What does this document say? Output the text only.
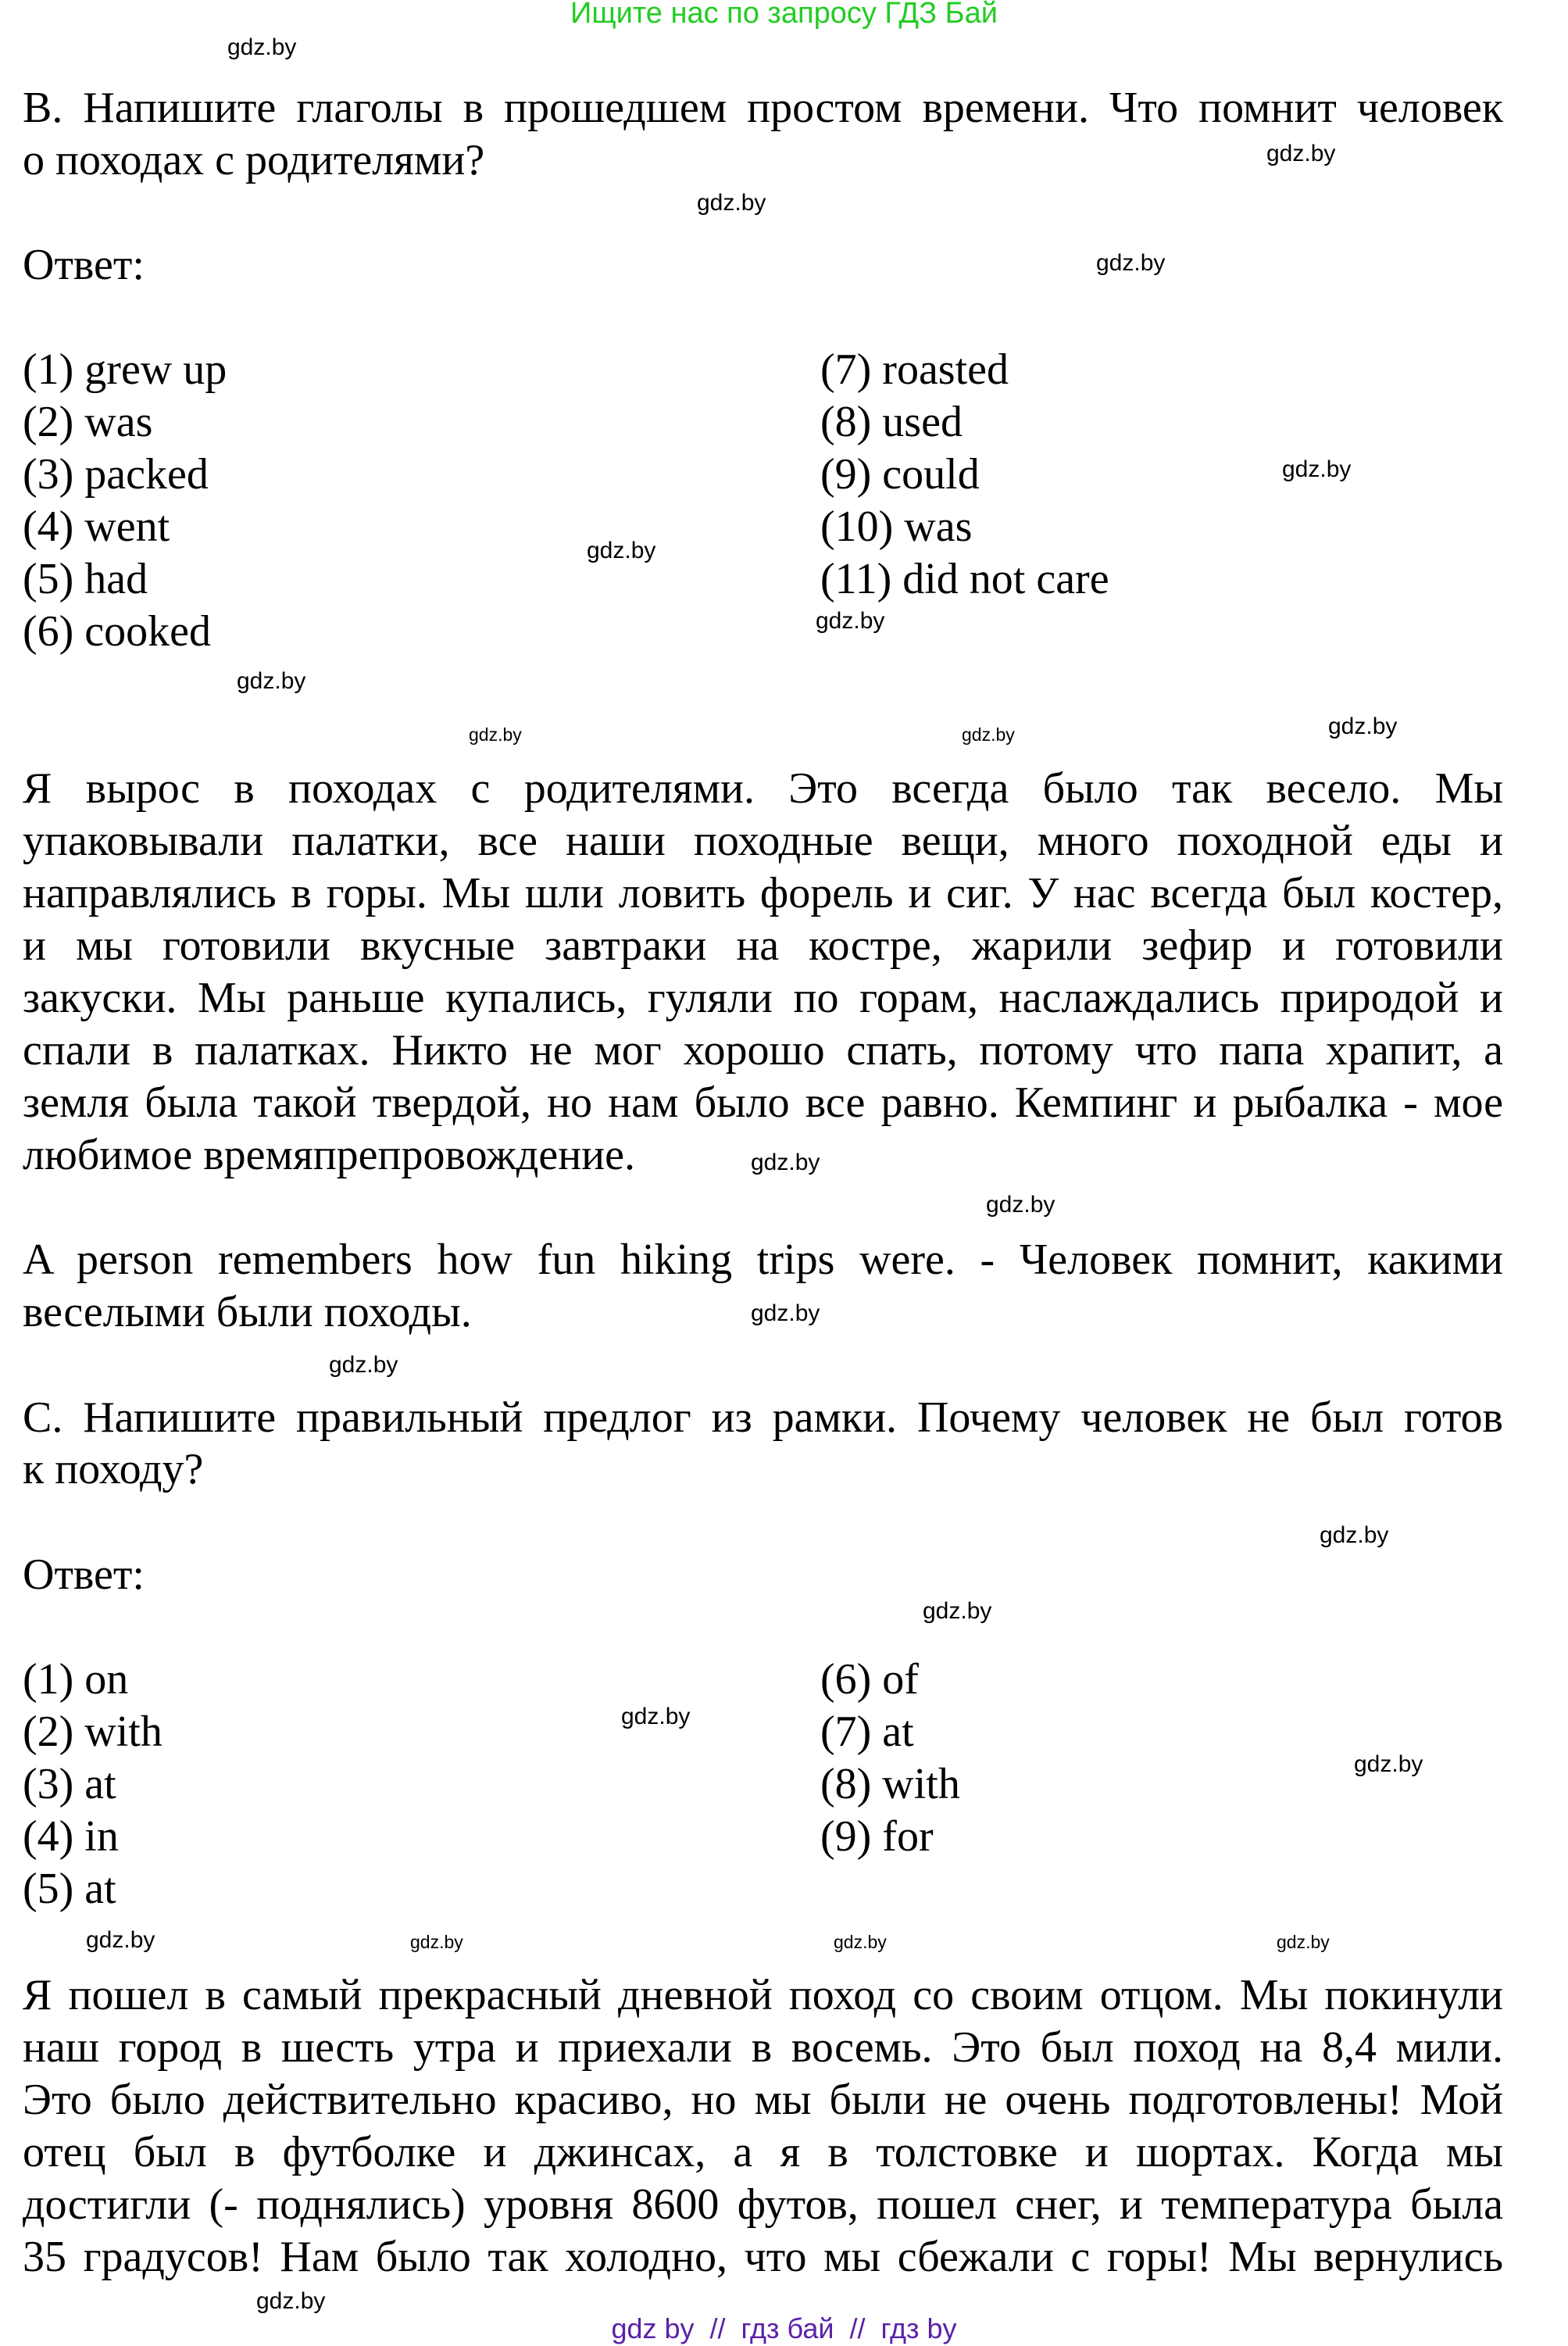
Ищите нас по запросу ГДЗ Бай
B. Напишите глаголы в прошедшем простом времени. Что помнит человек
о походах с родителями?
Ответ:
(1) grew up
(2) was
(3) packed
(4) went
(5) had
(6) cooked
(7) roasted
(8) used
(9) could
(10) was
(11) did not care
Я вырос в походах с родителями. Это всегда было так весело. Мы
упаковывали палатки, все наши походные вещи, много походной еды и
направлялись в горы. Мы шли ловить форель и сиг. У нас всегда был костер,
и мы готовили вкусные завтраки на костре, жарили зефир и готовили
закуски. Мы раньше купались, гуляли по горам, наслаждались природой и
спали в палатках. Никто не мог хорошо спать, потому что папа храпит, а
земля была такой твердой, но нам было все равно. Кемпинг и рыбалка - мое
любимое времяпрепровождение.
A person remembers how fun hiking trips were. - Человек помнит, какими
веселыми были походы.
C. Напишите правильный предлог из рамки. Почему человек не был готов
к походу?
Ответ:
(1) on
(2) with
(3) at
(4) in
(5) at
(6) of
(7) at
(8) with
(9) for
Я пошел в самый прекрасный дневной поход со своим отцом. Мы покинули
наш город в шесть утра и приехали в восемь. Это был поход на 8,4 мили.
Это было действительно красиво, но мы были не очень подготовлены! Мой
отец был в футболке и джинсах, а я в толстовке и шортах. Когда мы
достигли (- поднялись) уровня 8600 футов, пошел снег, и температура была
35 градусов! Нам было так холодно, что мы сбежали с горы! Мы вернулись
gdz.by
gdz.by
gdz.by
gdz.by
gdz.by
gdz.by
gdz.by
gdz.by
gdz.by
gdz.by
gdz.by
gdz.by
gdz.by
gdz.by
gdz.by
gdz.by
gdz.by
gdz.by
gdz.by
gdz.by	gdz.by
gdz.by	gdz.by
gdz.by
gdz by  //  гдз бай  //  гдз by
